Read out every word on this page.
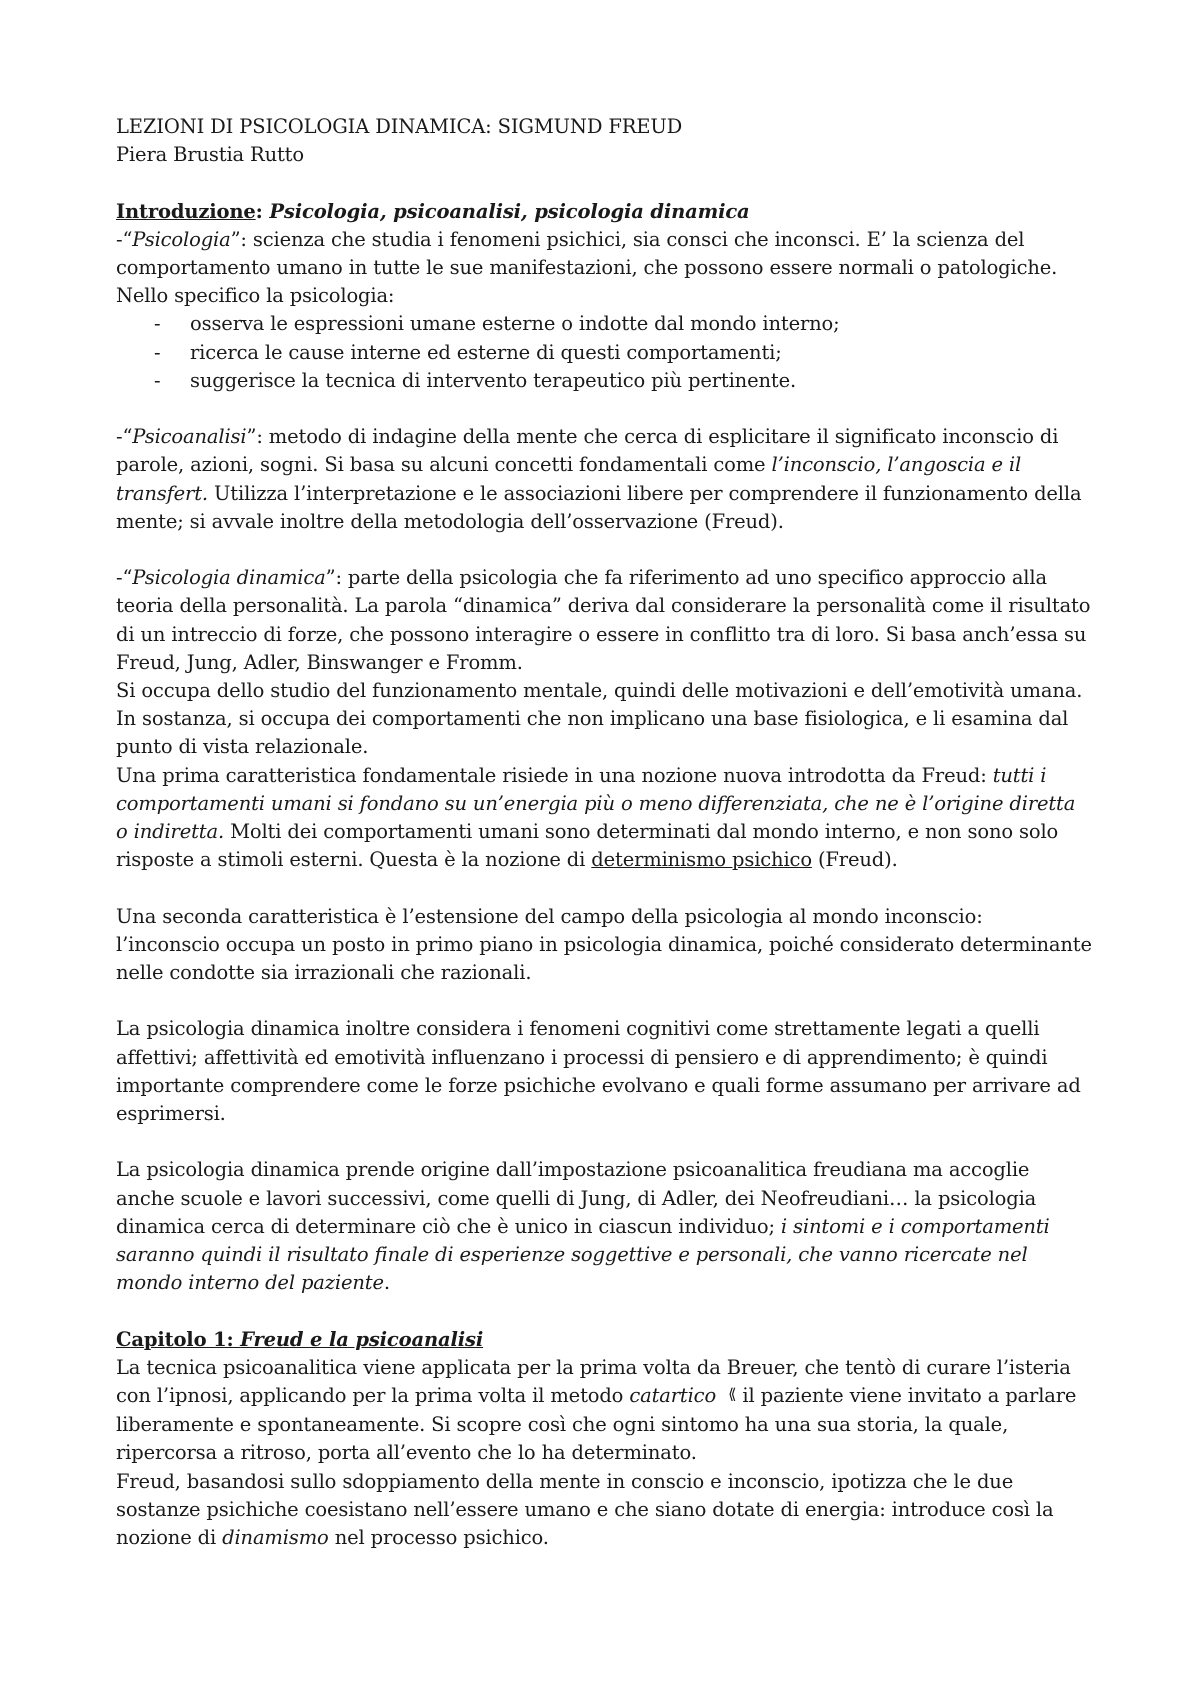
LEZIONI DI PSICOLOGIA DINAMICA: SIGMUND FREUD
Piera Brustia Rutto
Introduzione: Psicologia, psicoanalisi, psicologia dinamica
-“Psicologia”: scienza che studia i fenomeni psichici, sia consci che inconsci. E’ la scienza del
comportamento umano in tutte le sue manifestazioni, che possono essere normali o patologiche.
Nello specifico la psicologia:
- osserva le espressioni umane esterne o indotte dal mondo interno;
- ricerca le cause interne ed esterne di questi comportamenti;
- suggerisce la tecnica di intervento terapeutico più pertinente.
-“Psicoanalisi”: metodo di indagine della mente che cerca di esplicitare il significato inconscio di
parole, azioni, sogni. Si basa su alcuni concetti fondamentali come l’inconscio, l’angoscia e il
transfert. Utilizza l’interpretazione e le associazioni libere per comprendere il funzionamento della
mente; si avvale inoltre della metodologia dell’osservazione (Freud).
-“Psicologia dinamica”: parte della psicologia che fa riferimento ad uno specifico approccio alla
teoria della personalità. La parola “dinamica” deriva dal considerare la personalità come il risultato
di un intreccio di forze, che possono interagire o essere in conflitto tra di loro. Si basa anch’essa su
Freud, Jung, Adler, Binswanger e Fromm.
Si occupa dello studio del funzionamento mentale, quindi delle motivazioni e dell’emotività umana.
In sostanza, si occupa dei comportamenti che non implicano una base fisiologica, e li esamina dal
punto di vista relazionale.
Una prima caratteristica fondamentale risiede in una nozione nuova introdotta da Freud: tutti i
comportamenti umani si fondano su un’energia più o meno differenziata, che ne è l’origine diretta
o indiretta. Molti dei comportamenti umani sono determinati dal mondo interno, e non sono solo
risposte a stimoli esterni. Questa è la nozione di determinismo psichico (Freud).
Una seconda caratteristica è l’estensione del campo della psicologia al mondo inconscio:
l’inconscio occupa un posto in primo piano in psicologia dinamica, poiché considerato determinante
nelle condotte sia irrazionali che razionali.
La psicologia dinamica inoltre considera i fenomeni cognitivi come strettamente legati a quelli
affettivi; affettività ed emotività influenzano i processi di pensiero e di apprendimento; è quindi
importante comprendere come le forze psichiche evolvano e quali forme assumano per arrivare ad
esprimersi.
La psicologia dinamica prende origine dall’impostazione psicoanalitica freudiana ma accoglie
anche scuole e lavori successivi, come quelli di Jung, di Adler, dei Neofreudiani… la psicologia
dinamica cerca di determinare ciò che è unico in ciascun individuo; i sintomi e i comportamenti
saranno quindi il risultato finale di esperienze soggettive e personali, che vanno ricercate nel
mondo interno del paziente.
Capitolo 1: Freud e la psicoanalisi
La tecnica psicoanalitica viene applicata per la prima volta da Breuer, che tentò di curare l’isteria
con l’ipnosi, applicando per la prima volta il metodo catartico ⟪ il paziente viene invitato a parlare
liberamente e spontaneamente. Si scopre così che ogni sintomo ha una sua storia, la quale,
ripercorsa a ritroso, porta all’evento che lo ha determinato.
Freud, basandosi sullo sdoppiamento della mente in conscio e inconscio, ipotizza che le due
sostanze psichiche coesistano nell’essere umano e che siano dotate di energia: introduce così la
nozione di dinamismo nel processo psichico.
